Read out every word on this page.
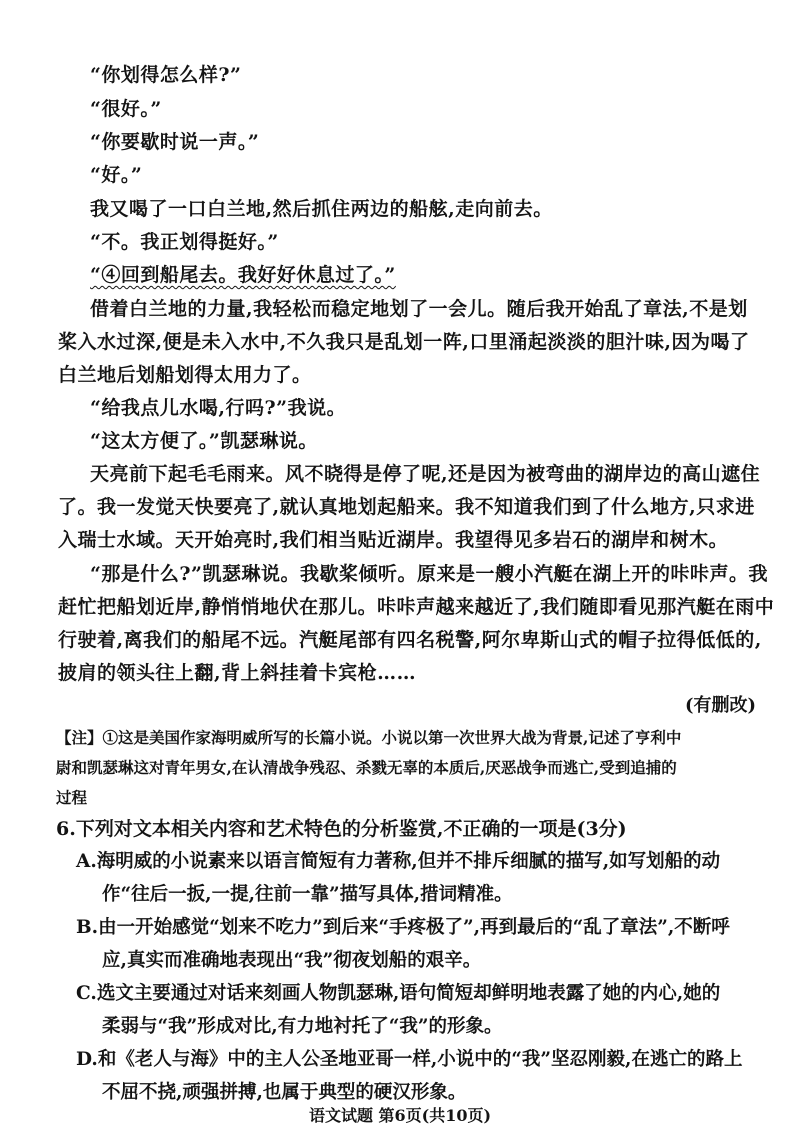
“你划得怎么样?”
“很好。”
“你要歇时说一声。”
“好。”
我又喝了一口白兰地,然后抓住两边的船舷,走向前去。
“不。我正划得挺好。”
“④回到船尾去。我好好休息过了。”
借着白兰地的力量,我轻松而稳定地划了一会儿。随后我开始乱了章法,不是划
桨入水过深,便是未入水中,不久我只是乱划一阵,口里涌起淡淡的胆汁味,因为喝了
白兰地后划船划得太用力了。
“给我点儿水喝,行吗?”我说。
“这太方便了。”凯瑟琳说。
天亮前下起毛毛雨来。风不晓得是停了呢,还是因为被弯曲的湖岸边的高山遮住
了。我一发觉天快要亮了,就认真地划起船来。我不知道我们到了什么地方,只求进
入瑞士水域。天开始亮时,我们相当贴近湖岸。我望得见多岩石的湖岸和树木。
“那是什么?”凯瑟琳说。我歇桨倾听。原来是一艘小汽艇在湖上开的咔咔声。我
赶忙把船划近岸,静悄悄地伏在那儿。咔咔声越来越近了,我们随即看见那汽艇在雨中
行驶着,离我们的船尾不远。汽艇尾部有四名税警,阿尔卑斯山式的帽子拉得低低的,
披肩的领头往上翻,背上斜挂着卡宾枪……
(有删改)
【注】①这是美国作家海明威所写的长篇小说。小说以第一次世界大战为背景,记述了亨利中
尉和凯瑟琳这对青年男女,在认清战争残忍、杀戮无辜的本质后,厌恶战争而逃亡,受到追捕的
过程
6.下列对文本相关内容和艺术特色的分析鉴赏,不正确的一项是(3分)
A.海明威的小说素来以语言简短有力著称,但并不排斥细腻的描写,如写划船的动
作“往后一扳,一提,往前一靠”描写具体,措词精准。
B.由一开始感觉“划来不吃力”到后来“手疼极了”,再到最后的“乱了章法”,不断呼
应,真实而准确地表现出“我”彻夜划船的艰辛。
C.选文主要通过对话来刻画人物凯瑟琳,语句简短却鲜明地表露了她的内心,她的
柔弱与“我”形成对比,有力地衬托了“我”的形象。
D.和《老人与海》中的主人公圣地亚哥一样,小说中的“我”坚忍刚毅,在逃亡的路上
不屈不挠,顽强拼搏,也属于典型的硬汉形象。
语文试题 第6页(共10页)
